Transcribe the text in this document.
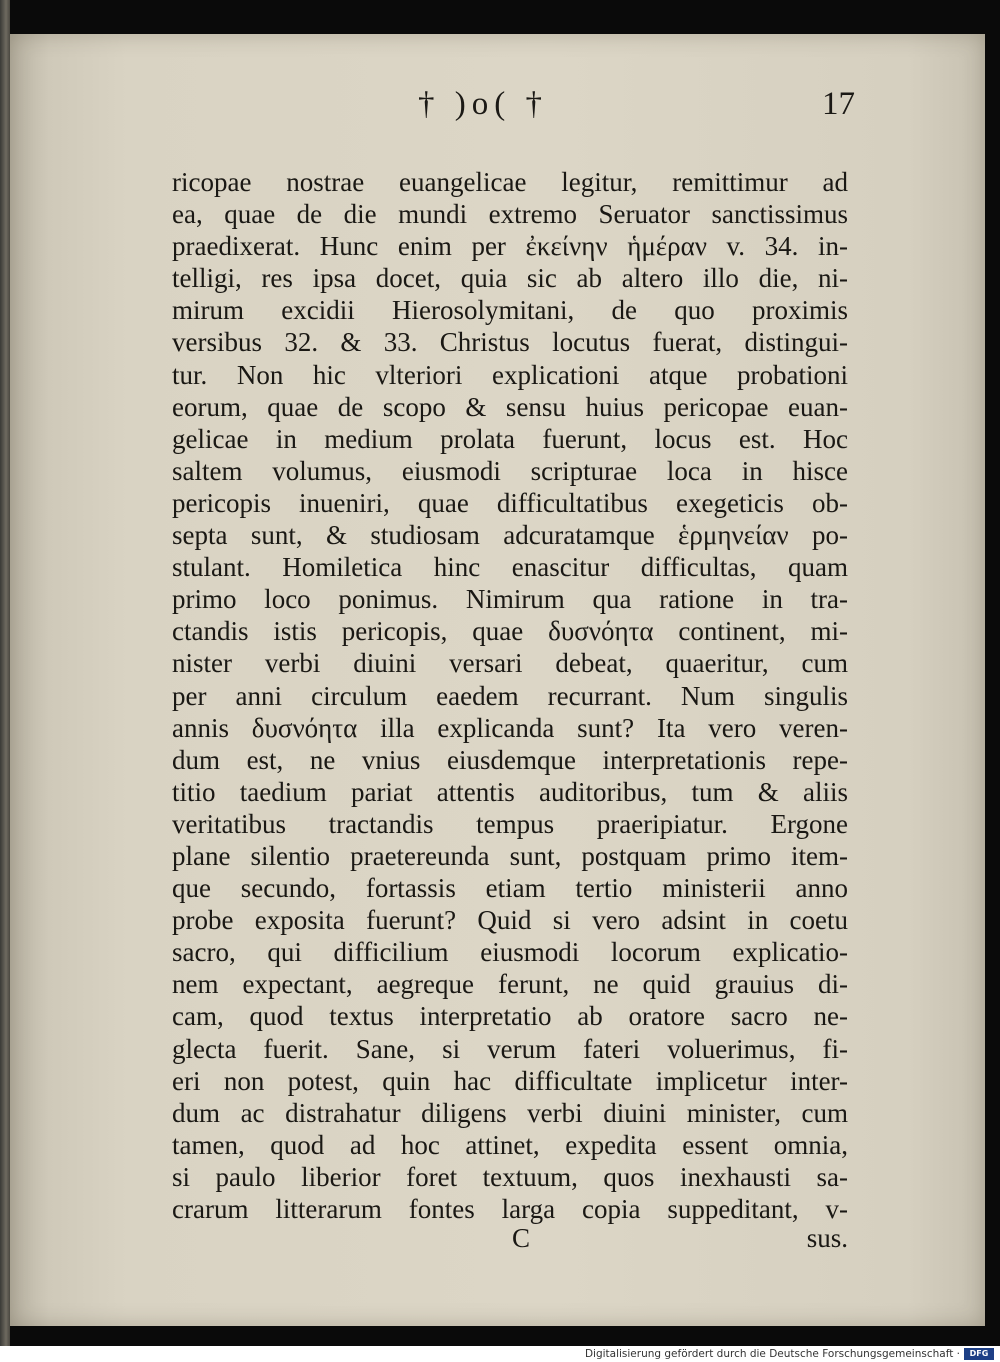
† )o( †	17
ricopae nostrae euangelicae legitur, remittimur ad
ea, quae de die mundi extremo Seruator sanctissimus
praedixerat. Hunc enim per ἐκείνην ἡμέραν v. 34. in-
telligi, res ipsa docet, quia sic ab altero illo die, ni-
mirum excidii Hierosolymitani, de quo proximis
versibus 32. & 33. Christus locutus fuerat, distingui-
tur. Non hic vlteriori explicationi atque probationi
eorum, quae de scopo & sensu huius pericopae euan-
gelicae in medium prolata fuerunt, locus est. Hoc
saltem volumus, eiusmodi scripturae loca in hisce
pericopis inueniri, quae difficultatibus exegeticis ob-
septa sunt, & studiosam adcuratamque ἑρμηνείαν po-
stulant. Homiletica hinc enascitur difficultas, quam
primo loco ponimus. Nimirum qua ratione in tra-
ctandis istis pericopis, quae δυσνόητα continent, mi-
nister verbi diuini versari debeat, quaeritur, cum
per anni circulum eaedem recurrant. Num singulis
annis δυσνόητα illa explicanda sunt? Ita vero veren-
dum est, ne vnius eiusdemque interpretationis repe-
titio taedium pariat attentis auditoribus, tum & aliis
veritatibus tractandis tempus praeripiatur. Ergone
plane silentio praetereunda sunt, postquam primo item-
que secundo, fortassis etiam tertio ministerii anno
probe exposita fuerunt? Quid si vero adsint in coetu
sacro, qui difficilium eiusmodi locorum explicatio-
nem expectant, aegreque ferunt, ne quid grauius di-
cam, quod textus interpretatio ab oratore sacro ne-
glecta fuerit. Sane, si verum fateri voluerimus, fi-
eri non potest, quin hac difficultate implicetur inter-
dum ac distrahatur diligens verbi diuini minister, cum
tamen, quod ad hoc attinet, expedita essent omnia,
si paulo liberior foret textuum, quos inexhausti sa-
crarum litterarum fontes larga copia suppeditant, v-
C	sus.
Digitalisierung gefördert durch die Deutsche Forschungsgemeinschaft ·	DFG
